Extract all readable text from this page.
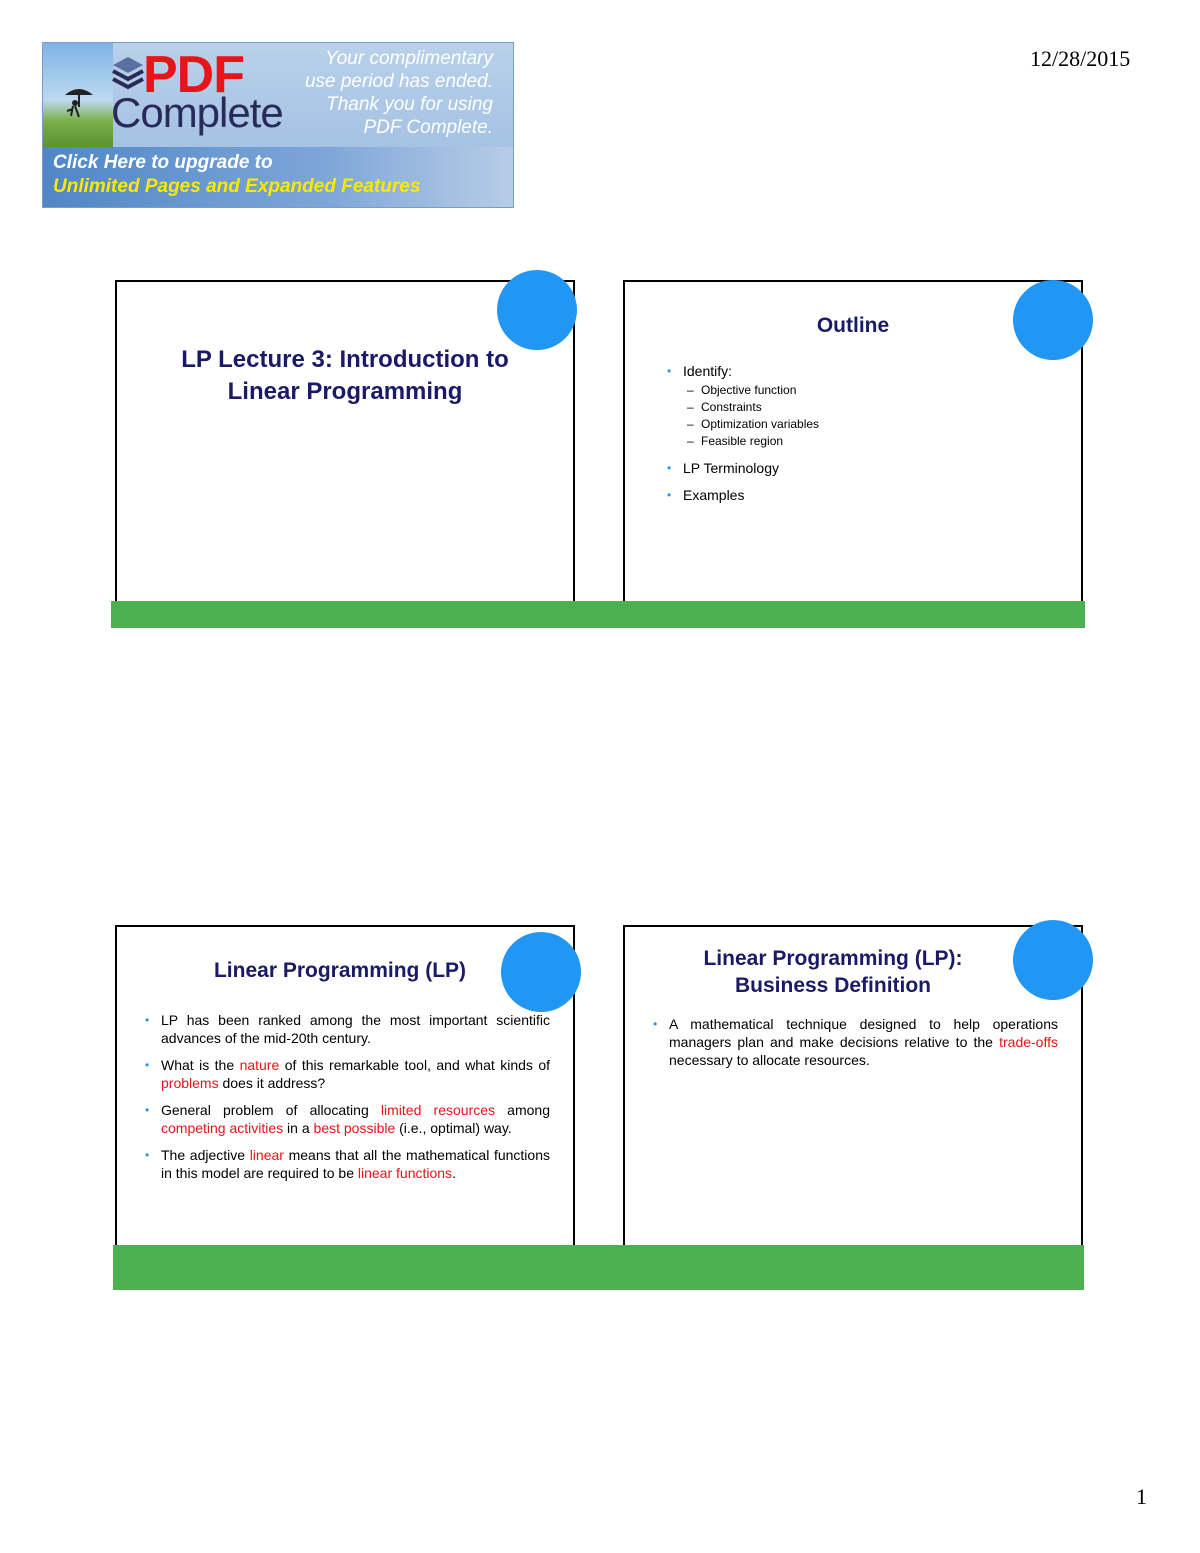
12/28/2015
PDF
Complete
Your complimentary
use period has ended.
Thank you for using
PDF Complete.
Click Here to upgrade to
Unlimited Pages and Expanded Features
LP Lecture 3: Introduction to
Linear Programming
Outline
• Identify:
– Objective function
– Constraints
– Optimization variables
– Feasible region
• LP Terminology
• Examples
Linear Programming (LP)
• LP has been ranked among the most important scientific advances of the mid-20th century.
• What is the nature of this remarkable tool, and what kinds of problems does it address?
• General problem of allocating limited resources among competing activities in a best possible (i.e., optimal) way.
• The adjective linear means that all the mathematical functions in this model are required to be linear functions.
Linear Programming (LP):
Business Definition
• A mathematical technique designed to help operations managers plan and make decisions relative to the trade-offs necessary to allocate resources.
1
